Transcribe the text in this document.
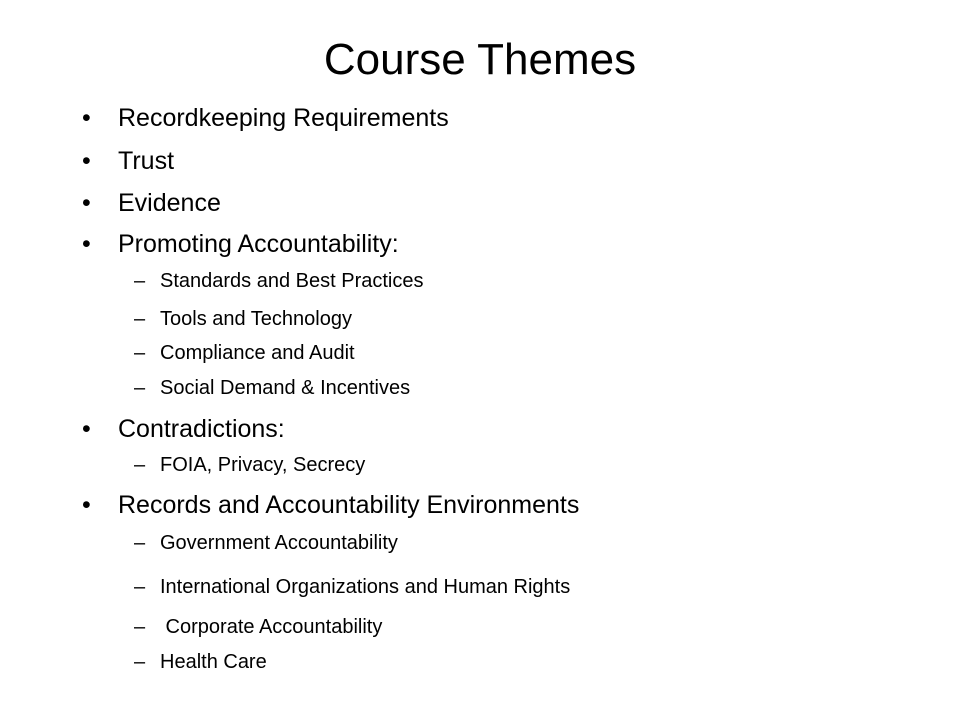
Course Themes
• Recordkeeping Requirements
• Trust
• Evidence
• Promoting Accountability:
– Standards and Best Practices
– Tools and Technology
– Compliance and Audit
– Social Demand & Incentives
• Contradictions:
– FOIA, Privacy, Secrecy
• Records and Accountability Environments
– Government Accountability
– International Organizations and Human Rights
– Corporate Accountability
– Health Care
